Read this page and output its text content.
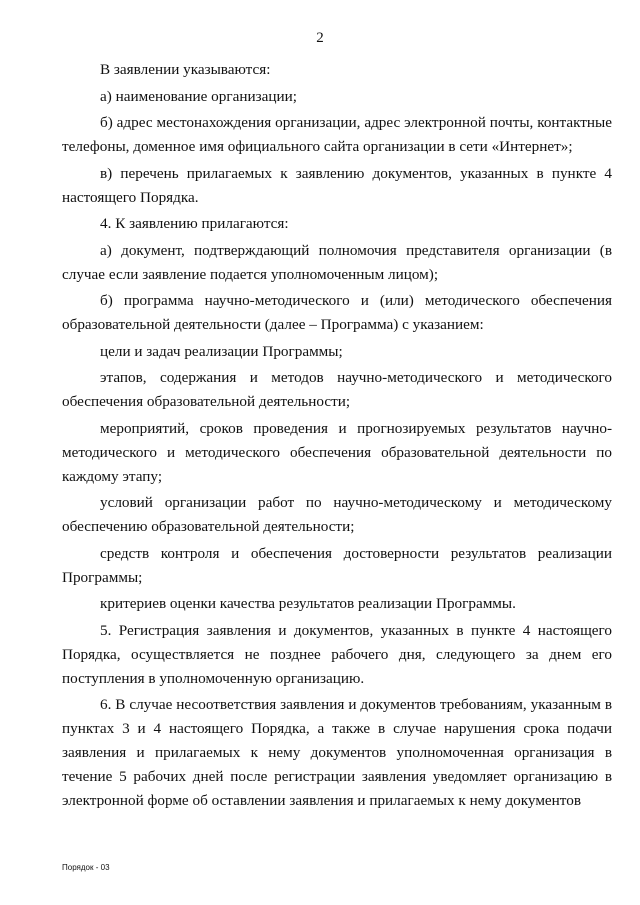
2

В заявлении указываются:

а) наименование организации;

б) адрес местонахождения организации, адрес электронной почты, контактные телефоны, доменное имя официального сайта организации в сети «Интернет»;

в) перечень прилагаемых к заявлению документов, указанных в пункте 4 настоящего Порядка.

4. К заявлению прилагаются:

а) документ, подтверждающий полномочия представителя организации (в случае если заявление подается уполномоченным лицом);

б) программа научно-методического и (или) методического обеспечения образовательной деятельности (далее – Программа) с указанием:

цели и задач реализации Программы;

этапов, содержания и методов научно-методического и методического обеспечения образовательной деятельности;

мероприятий, сроков проведения и прогнозируемых результатов научно-методического и методического обеспечения образовательной деятельности по каждому этапу;

условий организации работ по научно-методическому и методическому обеспечению образовательной деятельности;

средств контроля и обеспечения достоверности результатов реализации Программы;

критериев оценки качества результатов реализации Программы.

5. Регистрация заявления и документов, указанных в пункте 4 настоящего Порядка, осуществляется не позднее рабочего дня, следующего за днем его поступления в уполномоченную организацию.

6. В случае несоответствия заявления и документов требованиям, указанным в пунктах 3 и 4 настоящего Порядка, а также в случае нарушения срока подачи заявления и прилагаемых к нему документов уполномоченная организация в течение 5 рабочих дней после регистрации заявления уведомляет организацию в электронной форме об оставлении заявления и прилагаемых к нему документов

Порядок - 03
